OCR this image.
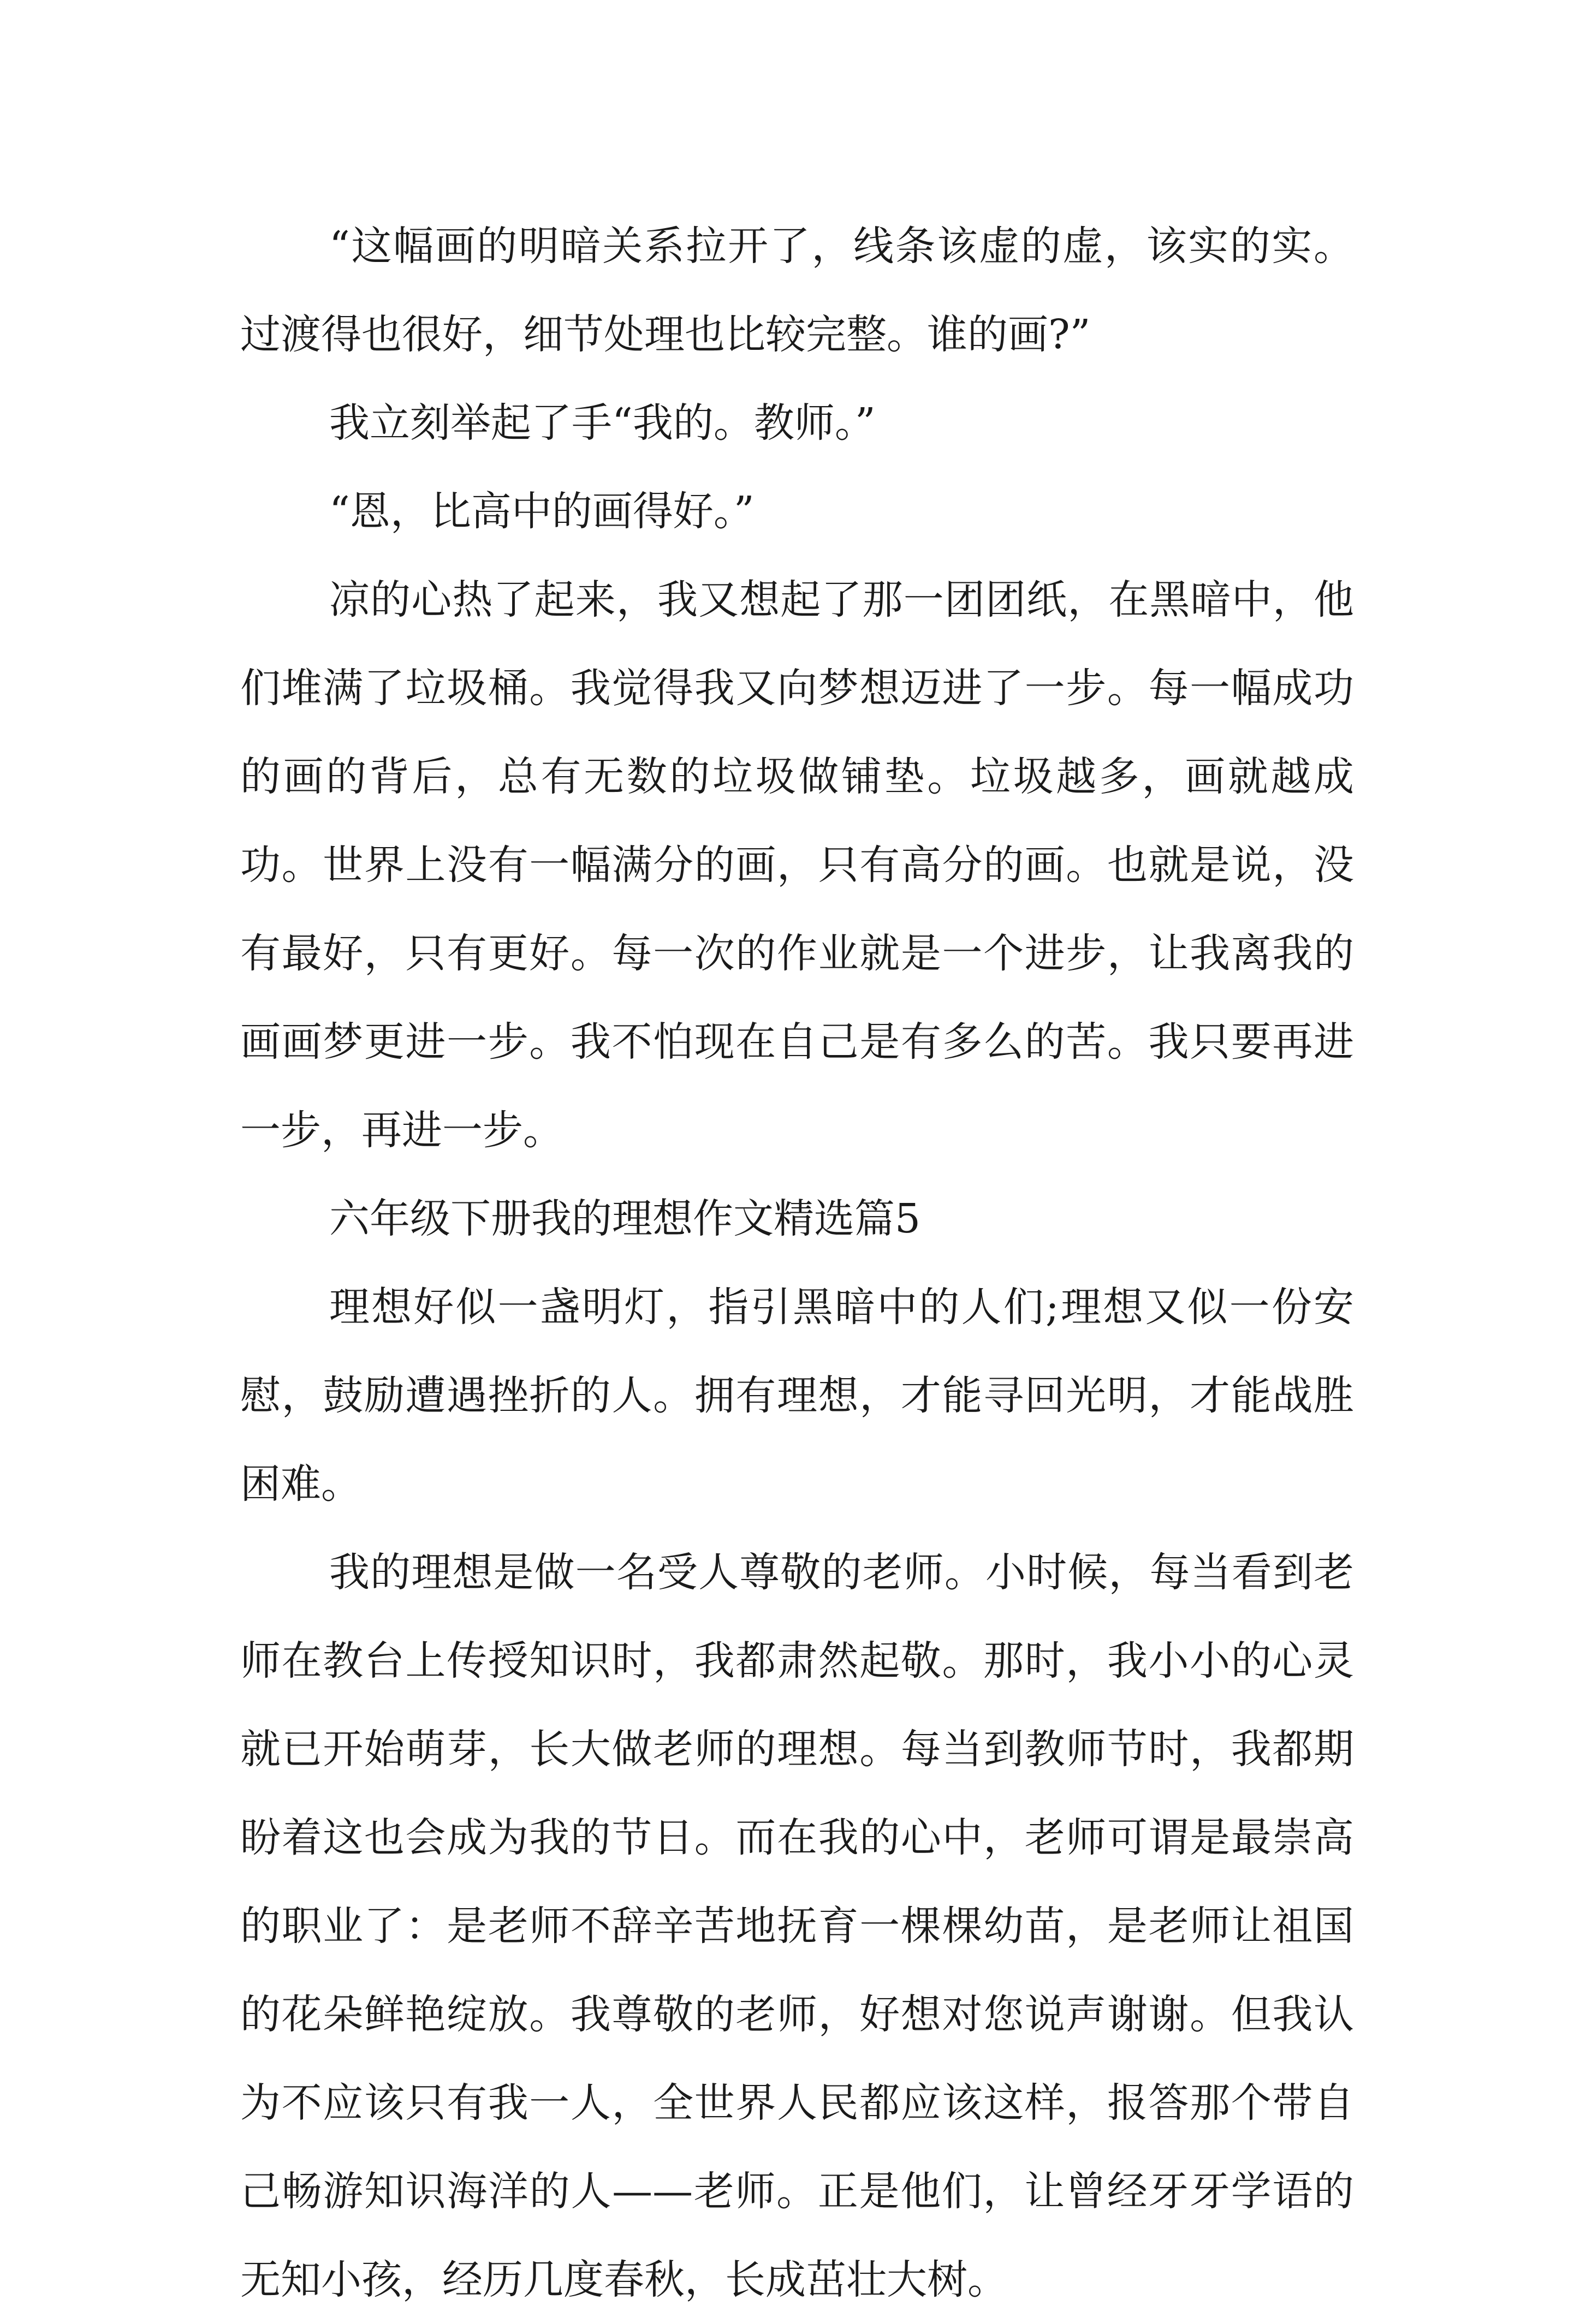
“这幅画的明暗关系拉开了，线条该虚的虚，该实的实。过渡得也很好，细节处理也比较完整。谁的画?”

我立刻举起了手“我的。教师。”

“恩，比高中的画得好。”

凉的心热了起来，我又想起了那一团团纸，在黑暗中，他们堆满了垃圾桶。我觉得我又向梦想迈进了一步。每一幅成功的画的背后，总有无数的垃圾做铺垫。垃圾越多，画就越成功。世界上没有一幅满分的画，只有高分的画。也就是说，没有最好，只有更好。每一次的作业就是一个进步，让我离我的画画梦更进一步。我不怕现在自己是有多么的苦。我只要再进一步，再进一步。

六年级下册我的理想作文精选篇5

理想好似一盏明灯，指引黑暗中的人们;理想又似一份安慰，鼓励遭遇挫折的人。拥有理想，才能寻回光明，才能战胜困难。

我的理想是做一名受人尊敬的老师。小时候，每当看到老师在教台上传授知识时，我都肃然起敬。那时，我小小的心灵就已开始萌芽，长大做老师的理想。每当到教师节时，我都期盼着这也会成为我的节日。而在我的心中，老师可谓是最崇高的职业了：是老师不辞辛苦地抚育一棵棵幼苗，是老师让祖国的花朵鲜艳绽放。我尊敬的老师，好想对您说声谢谢。但我认为不应该只有我一人，全世界人民都应该这样，报答那个带自己畅游知识海洋的人——老师。正是他们，让曾经牙牙学语的无知小孩，经历几度春秋，长成茁壮大树。
